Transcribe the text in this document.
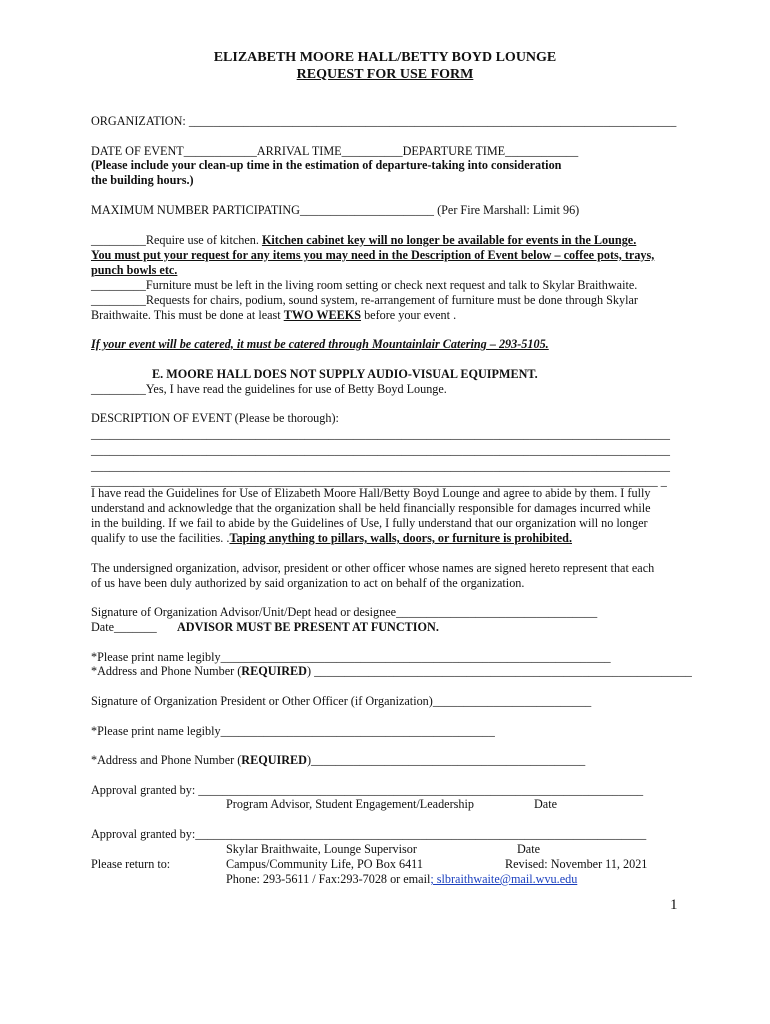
ELIZABETH MOORE HALL/BETTY BOYD LOUNGE
REQUEST FOR USE FORM
ORGANIZATION: ________________________________________________________________________________
DATE OF EVENT____________ARRIVAL TIME__________DEPARTURE TIME____________
(Please include your clean-up time in the estimation of departure-taking into consideration
the building hours.)
MAXIMUM NUMBER PARTICIPATING______________________ (Per Fire Marshall: Limit 96)
_________Require use of kitchen. Kitchen cabinet key will no longer be available for events in the Lounge.
You must put your request for any items you may need in the Description of Event below – coffee pots, trays,
punch bowls etc.
_________Furniture must be left in the living room setting or check next request and talk to Skylar Braithwaite.
_________Requests for chairs, podium, sound system, re-arrangement of furniture must be done through Skylar
Braithwaite. This must be done at least TWO WEEKS before your event .
If your event will be catered, it must be catered through Mountainlair Catering – 293-5105.
E. MOORE HALL DOES NOT SUPPLY AUDIO-VISUAL EQUIPMENT.
_________Yes, I have read the guidelines for use of Betty Boyd Lounge.
DESCRIPTION OF EVENT (Please be thorough):
_______________________________________________________________________________________________
_______________________________________________________________________________________________
_______________________________________________________________________________________________
_____________________________________________________________________________________________ _
I have read the Guidelines for Use of Elizabeth Moore Hall/Betty Boyd Lounge and agree to abide by them. I fully
understand and acknowledge that the organization shall be held financially responsible for damages incurred while
in the building. If we fail to abide by the Guidelines of Use, I fully understand that our organization will no longer
qualify to use the facilities. .Taping anything to pillars, walls, doors, or furniture is prohibited.
The undersigned organization, advisor, president or other officer whose names are signed hereto represent that each
of us have been duly authorized by said organization to act on behalf of the organization.
Signature of Organization Advisor/Unit/Dept head or designee_________________________________
Date_______ ADVISOR MUST BE PRESENT AT FUNCTION.
*Please print name legibly________________________________________________________________
*Address and Phone Number (REQUIRED) ______________________________________________________________
Signature of Organization President or Other Officer (if Organization)__________________________
*Please print name legibly_____________________________________________
*Address and Phone Number (REQUIRED)_____________________________________________
Approval granted by: _________________________________________________________________________
Program Advisor, Student Engagement/Leadership	Date
Approval granted by:__________________________________________________________________________
Skylar Braithwaite, Lounge Supervisor	Date
Please return to:	Campus/Community Life, PO Box 6411	Revised: November 11, 2021
Phone: 293-5611 / Fax:293-7028 or email; slbraithwaite@mail.wvu.edu
1
